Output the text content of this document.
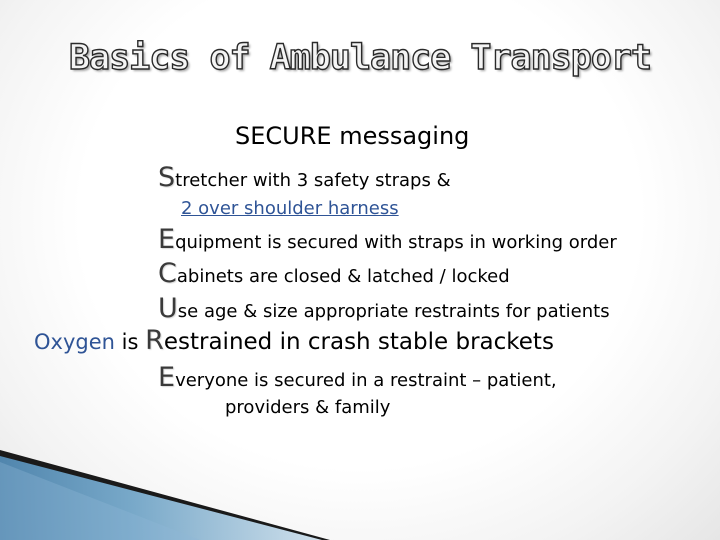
Basics of Ambulance Transport
SECURE messaging
Stretcher with 3 safety straps &
2 over shoulder harness
Equipment is secured with straps in working order
Cabinets are closed & latched / locked
Use age & size appropriate restraints for patients
Oxygen is Restrained in crash stable brackets
Everyone is secured in a restraint – patient,
providers & family
